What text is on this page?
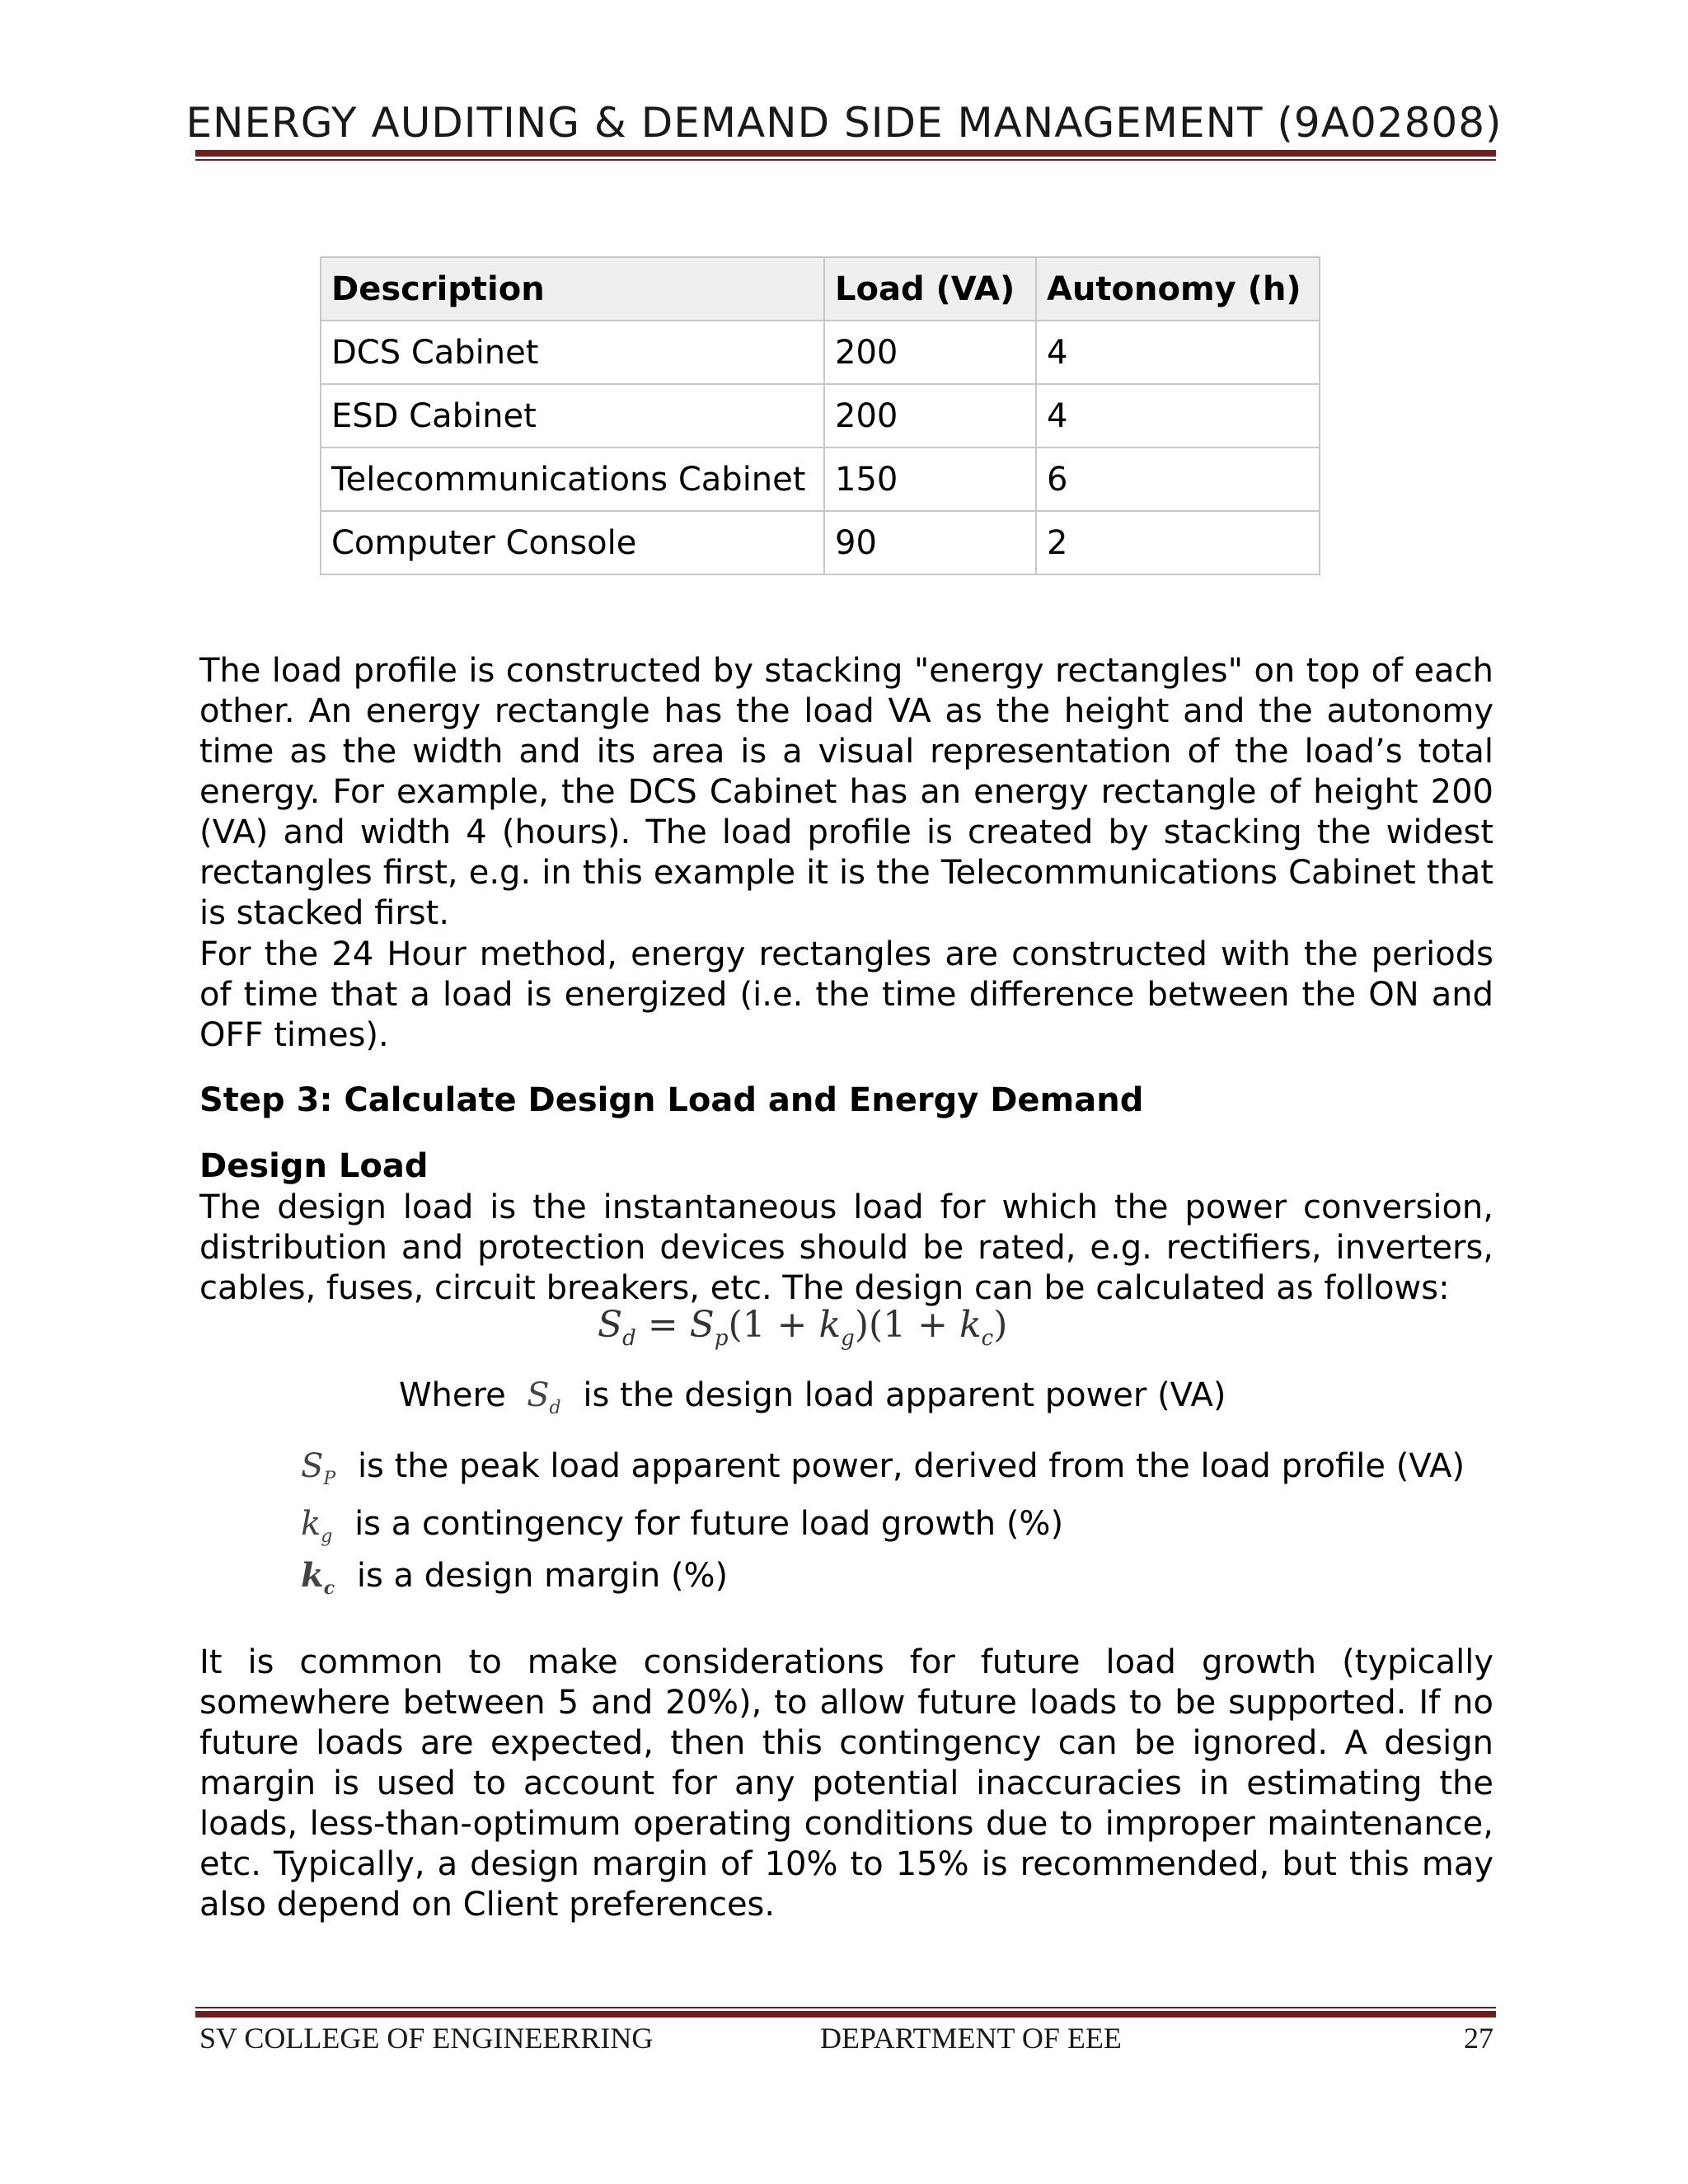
ENERGY AUDITING & DEMAND SIDE MANAGEMENT (9A02808)
Description	Load (VA)	Autonomy (h)
DCS Cabinet	200	4
ESD Cabinet	200	4
Telecommunications Cabinet	150	6
Computer Console	90	2

The load profile is constructed by stacking "energy rectangles" on top of each other. An energy rectangle has the load VA as the height and the autonomy time as the width and its area is a visual representation of the load’s total energy. For example, the DCS Cabinet has an energy rectangle of height 200 (VA) and width 4 (hours). The load profile is created by stacking the widest rectangles first, e.g. in this example it is the Telecommunications Cabinet that is stacked first.

For the 24 Hour method, energy rectangles are constructed with the periods of time that a load is energized (i.e. the time difference between the ON and OFF times).

Step 3: Calculate Design Load and Energy Demand
Design Load

The design load is the instantaneous load for which the power conversion, distribution and protection devices should be rated, e.g. rectifiers, inverters, cables, fuses, circuit breakers, etc. The design can be calculated as follows:

$S_d = S_p(1 + k_g)(1 + k_c)$
Where  $S_d$ is the design load apparent power (VA)
$S_P$ is the peak load apparent power, derived from the load profile (VA)
$k_g$ is a contingency for future load growth (%)
$k_c$ is a design margin (%)

It is common to make considerations for future load growth (typically somewhere between 5 and 20%), to allow future loads to be supported. If no future loads are expected, then this contingency can be ignored. A design margin is used to account for any potential inaccuracies in estimating the loads, less-than-optimum operating conditions due to improper maintenance, etc. Typically, a design margin of 10% to 15% is recommended, but this may also depend on Client preferences.

SV COLLEGE OF ENGINEERRING	DEPARTMENT OF EEE	27
